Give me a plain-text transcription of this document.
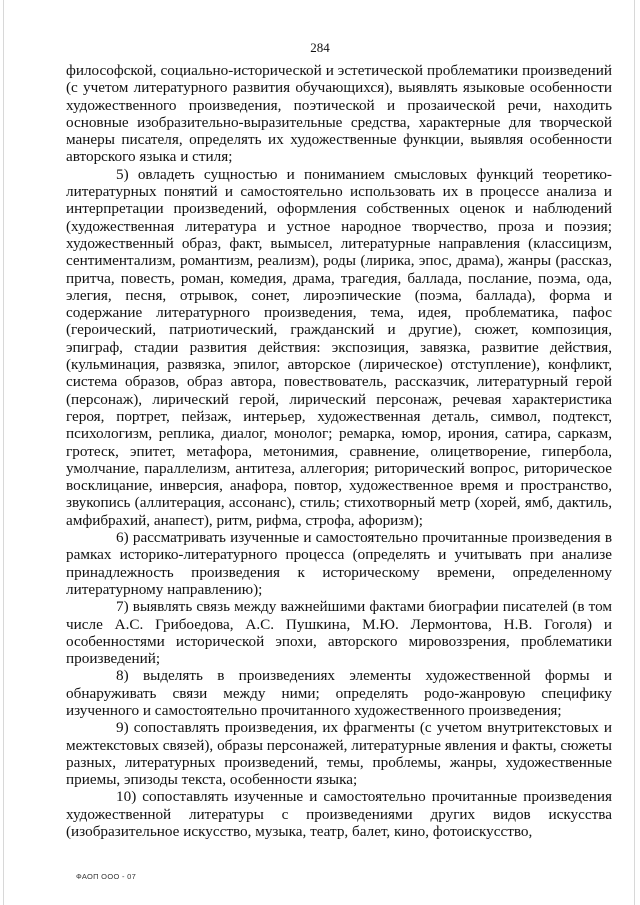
284

философской, социально-исторической и эстетической проблематики произведений (с учетом литературного развития обучающихся), выявлять языковые особенности художественного произведения, поэтической и прозаической речи, находить основные изобразительно-выразительные средства, характерные для творческой манеры писателя, определять их художественные функции, выявляя особенности авторского языка и стиля;

5) овладеть сущностью и пониманием смысловых функций теоретико-литературных понятий и самостоятельно использовать их в процессе анализа и интерпретации произведений, оформления собственных оценок и наблюдений (художественная литература и устное народное творчество, проза и поэзия; художественный образ, факт, вымысел, литературные направления (классицизм, сентиментализм, романтизм, реализм), роды (лирика, эпос, драма), жанры (рассказ, притча, повесть, роман, комедия, драма, трагедия, баллада, послание, поэма, ода, элегия, песня, отрывок, сонет, лироэпические (поэма, баллада), форма и содержание литературного произведения, тема, идея, проблематика, пафос (героический, патриотический, гражданский и другие), сюжет, композиция, эпиграф, стадии развития действия: экспозиция, завязка, развитие действия, (кульминация, развязка, эпилог, авторское (лирическое) отступление), конфликт, система образов, образ автора, повествователь, рассказчик, литературный герой (персонаж), лирический герой, лирический персонаж, речевая характеристика героя, портрет, пейзаж, интерьер, художественная деталь, символ, подтекст, психологизм, реплика, диалог, монолог; ремарка, юмор, ирония, сатира, сарказм, гротеск, эпитет, метафора, метонимия, сравнение, олицетворение, гипербола, умолчание, параллелизм, антитеза, аллегория; риторический вопрос, риторическое восклицание, инверсия, анафора, повтор, художественное время и пространство, звукопись (аллитерация, ассонанс), стиль; стихотворный метр (хорей, ямб, дактиль, амфибрахий, анапест), ритм, рифма, строфа, афоризм);

6) рассматривать изученные и самостоятельно прочитанные произведения в рамках историко-литературного процесса (определять и учитывать при анализе принадлежность произведения к историческому времени, определенному литературному направлению);

7) выявлять связь между важнейшими фактами биографии писателей (в том числе А.С. Грибоедова, А.С. Пушкина, М.Ю. Лермонтова, Н.В. Гоголя) и особенностями исторической эпохи, авторского мировоззрения, проблематики произведений;

8) выделять в произведениях элементы художественной формы и обнаруживать связи между ними; определять родо-жанровую специфику изученного и самостоятельно прочитанного художественного произведения;

9) сопоставлять произведения, их фрагменты (с учетом внутритекстовых и межтекстовых связей), образы персонажей, литературные явления и факты, сюжеты разных, литературных произведений, темы, проблемы, жанры, художественные приемы, эпизоды текста, особенности языка;

10) сопоставлять изученные и самостоятельно прочитанные произведения художественной литературы с произведениями других видов искусства (изобразительное искусство, музыка, театр, балет, кино, фотоискусство,

ФАОП ООО - 07
